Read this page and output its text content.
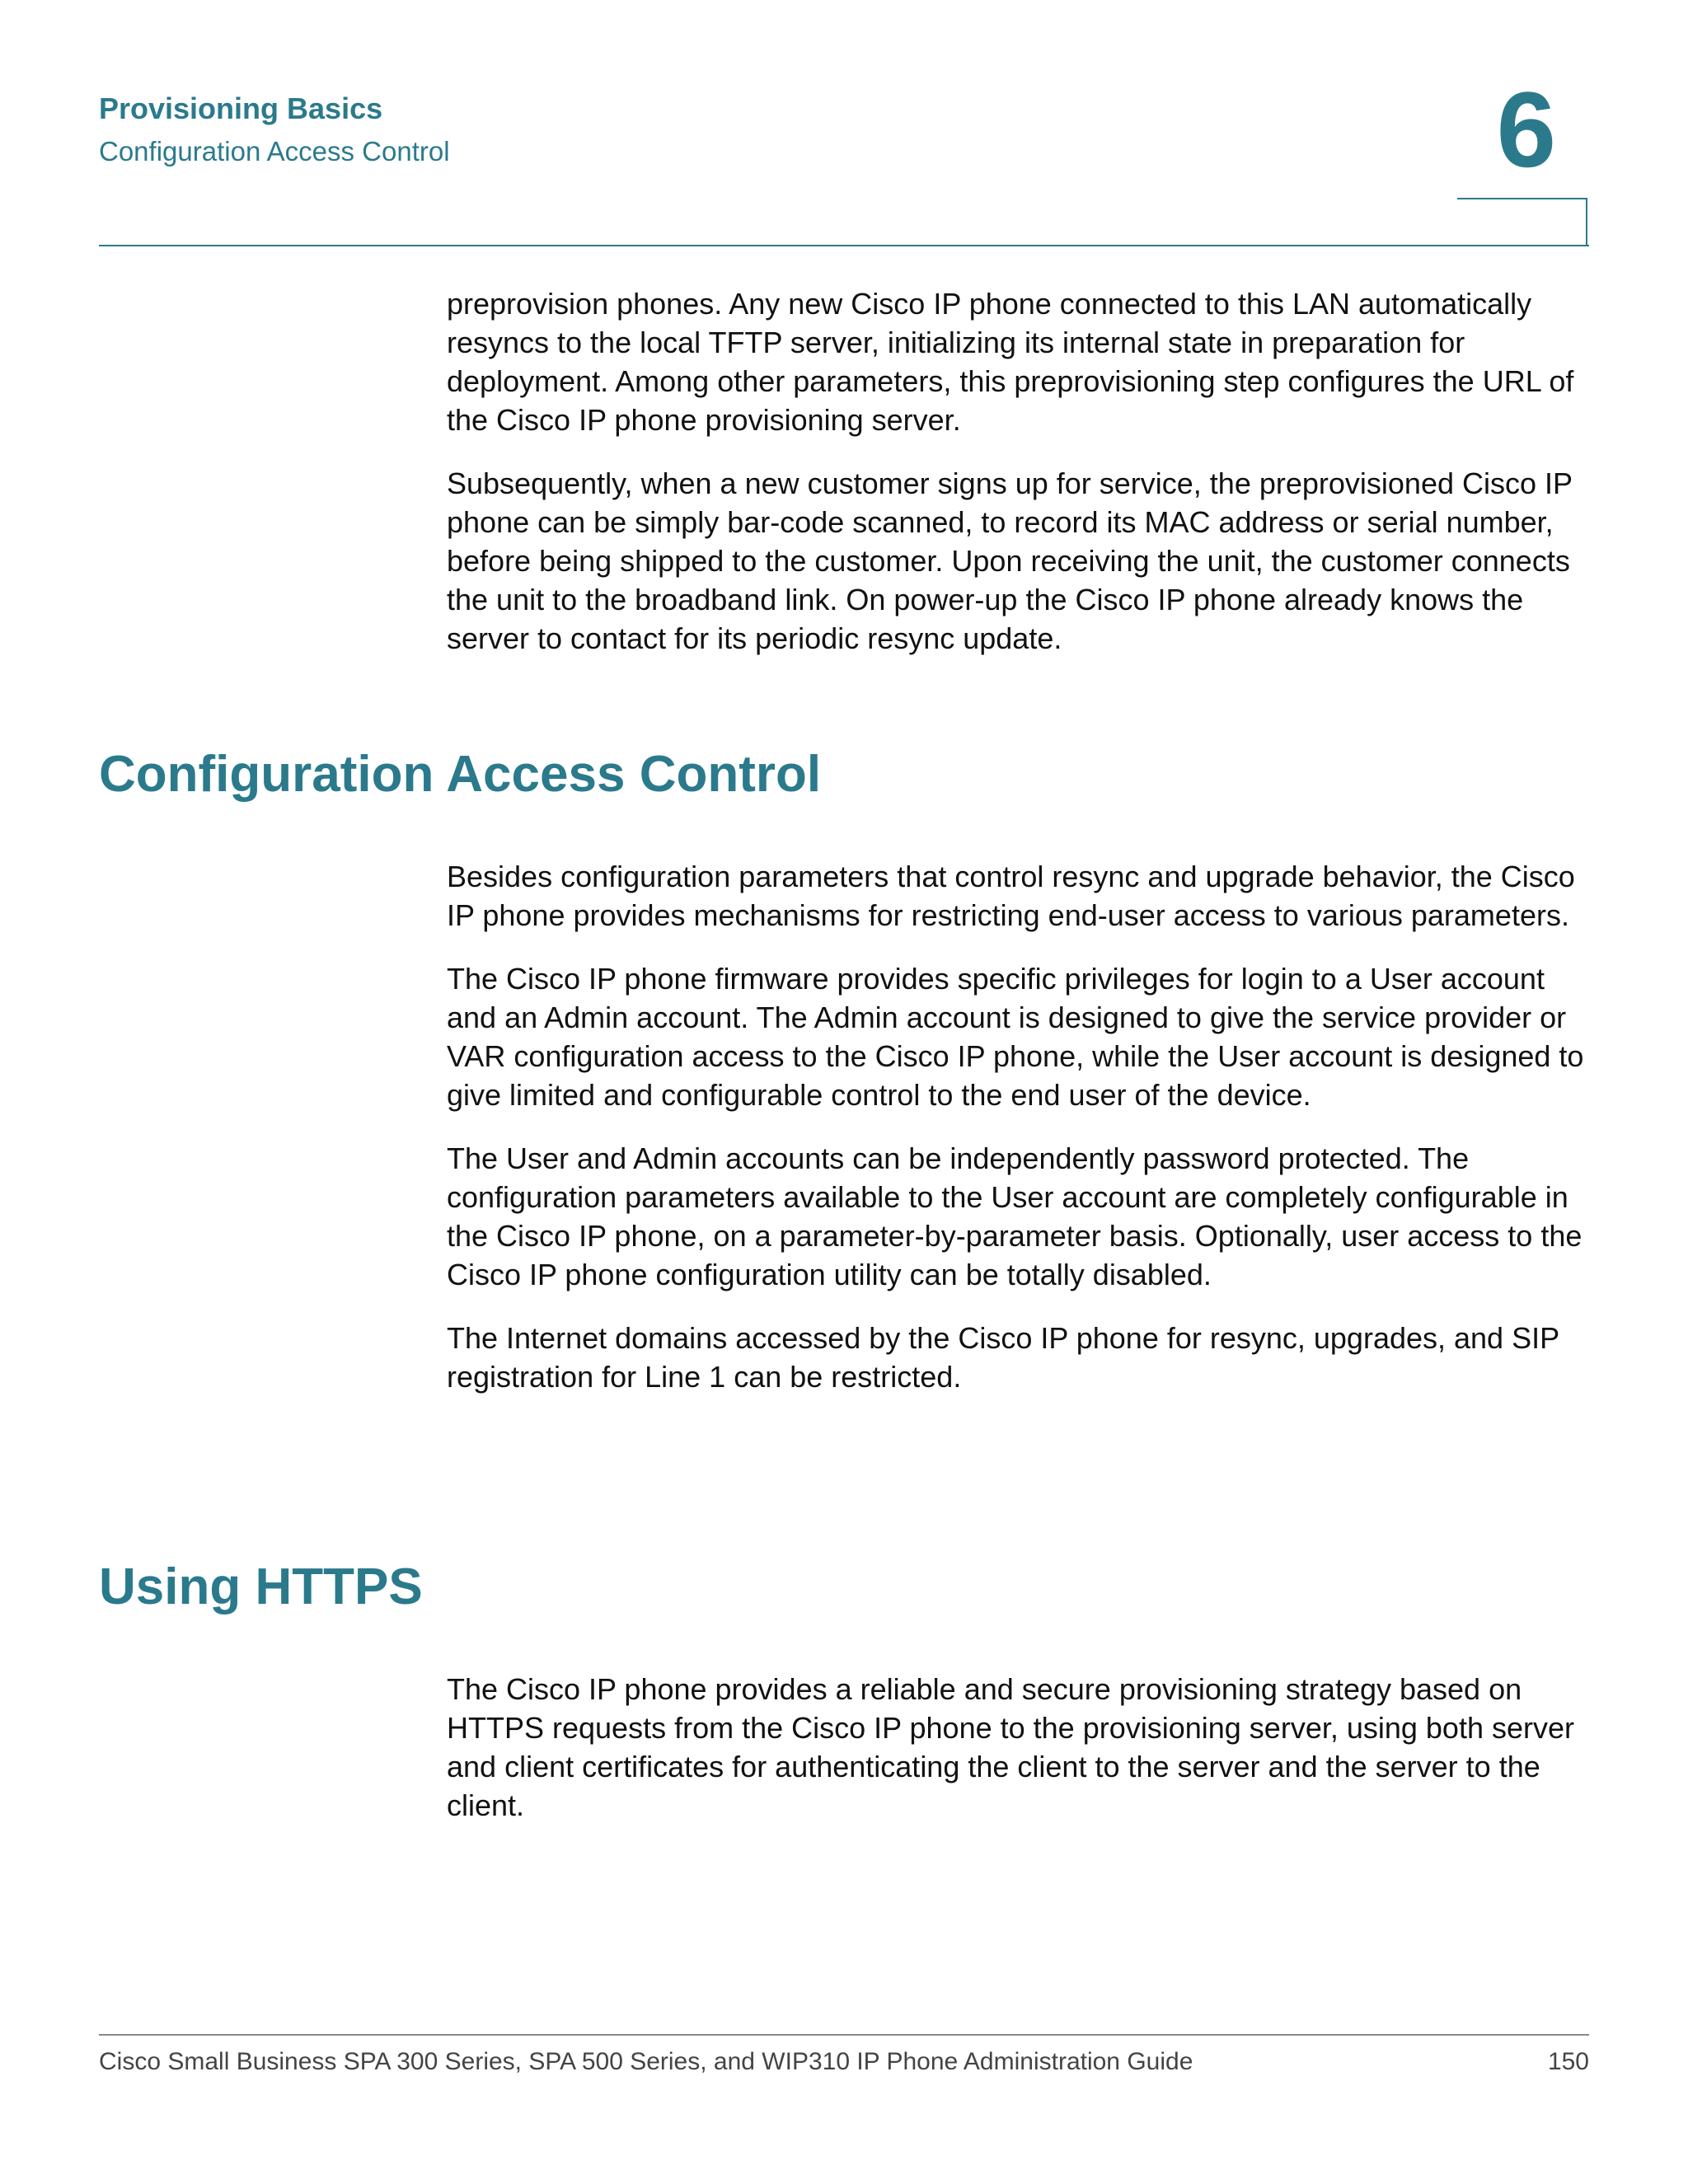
Provisioning Basics
Configuration Access Control	6

preprovision phones. Any new Cisco IP phone connected to this LAN automatically resyncs to the local TFTP server, initializing its internal state in preparation for deployment. Among other parameters, this preprovisioning step configures the URL of the Cisco IP phone provisioning server.

Subsequently, when a new customer signs up for service, the preprovisioned Cisco IP phone can be simply bar-code scanned, to record its MAC address or serial number, before being shipped to the customer. Upon receiving the unit, the customer connects the unit to the broadband link. On power-up the Cisco IP phone already knows the server to contact for its periodic resync update.

Configuration Access Control

Besides configuration parameters that control resync and upgrade behavior, the Cisco IP phone provides mechanisms for restricting end-user access to various parameters.

The Cisco IP phone firmware provides specific privileges for login to a User account and an Admin account. The Admin account is designed to give the service provider or VAR configuration access to the Cisco IP phone, while the User account is designed to give limited and configurable control to the end user of the device.

The User and Admin accounts can be independently password protected. The configuration parameters available to the User account are completely configurable in the Cisco IP phone, on a parameter-by-parameter basis. Optionally, user access to the Cisco IP phone configuration utility can be totally disabled.

The Internet domains accessed by the Cisco IP phone for resync, upgrades, and SIP registration for Line 1 can be restricted.

Using HTTPS

The Cisco IP phone provides a reliable and secure provisioning strategy based on HTTPS requests from the Cisco IP phone to the provisioning server, using both server and client certificates for authenticating the client to the server and the server to the client.

Cisco Small Business SPA 300 Series, SPA 500 Series, and WIP310 IP Phone Administration Guide	150
